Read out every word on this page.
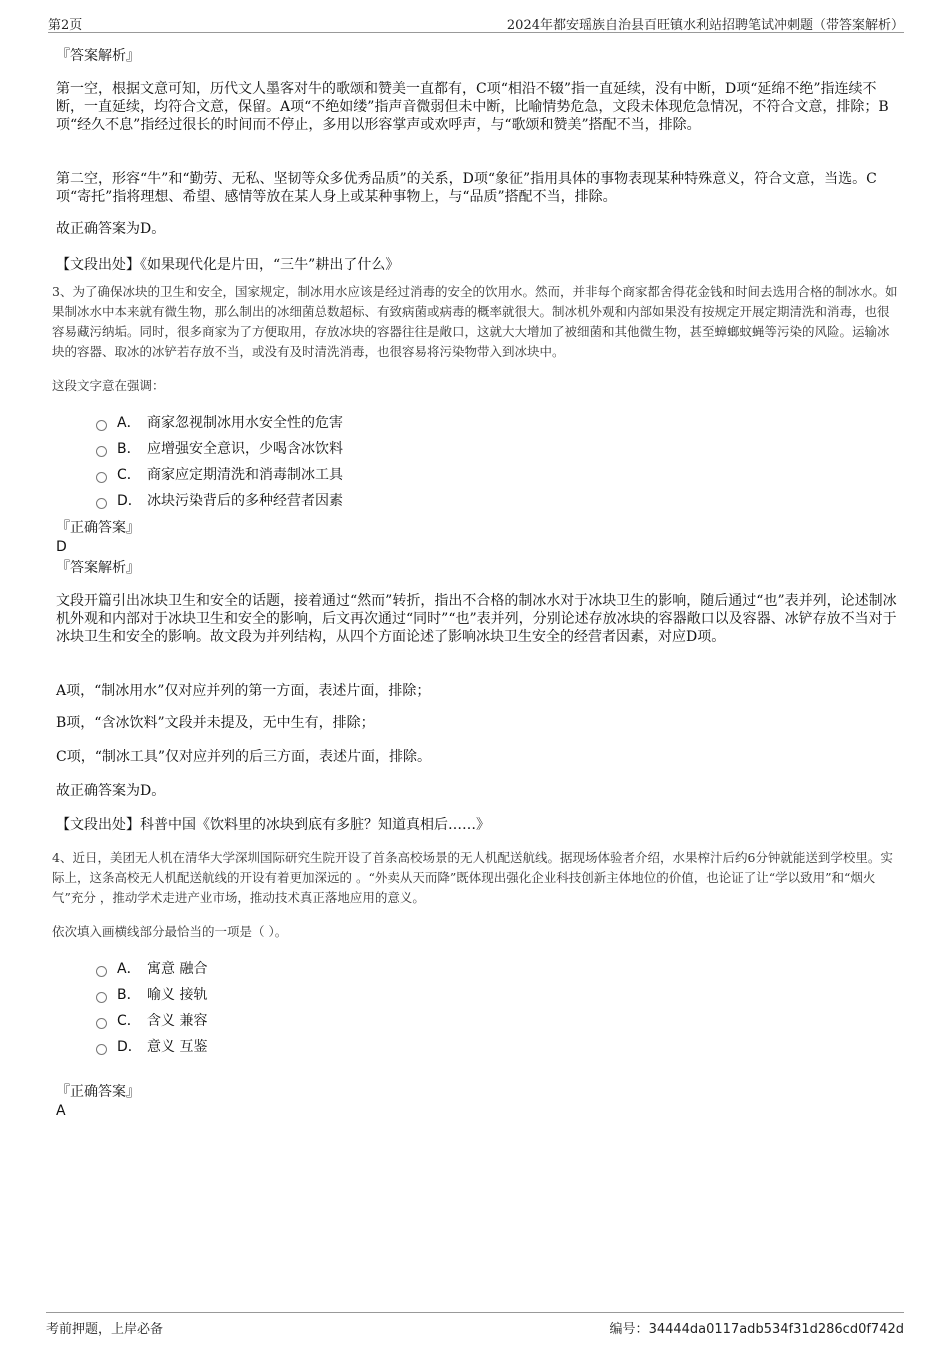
第2页	2024年都安瑶族自治县百旺镇水利站招聘笔试冲刺题（带答案解析）
『答案解析』

第一空，根据文意可知，历代文人墨客对牛的歌颂和赞美一直都有，C项“相沿不辍”指一直延续，没有中断，D项“延绵不绝”指连续不断，一直延续，均符合文意，保留。A项“不绝如缕”指声音微弱但未中断，比喻情势危急，文段未体现危急情况，不符合文意，排除；B项“经久不息”指经过很长的时间而不停止，多用以形容掌声或欢呼声，与“歌颂和赞美”搭配不当，排除。

第二空，形容“牛”和“勤劳、无私、坚韧等众多优秀品质”的关系，D项“象征”指用具体的事物表现某种特殊意义，符合文意，当选。C项“寄托”指将理想、希望、感情等放在某人身上或某种事物上，与“品质”搭配不当，排除。

故正确答案为D。

【文段出处】《如果现代化是片田，“三牛”耕出了什么》

3、为了确保冰块的卫生和安全，国家规定，制冰用水应该是经过消毒的安全的饮用水。然而，并非每个商家都舍得花金钱和时间去选用合格的制冰水。如果制冰水中本来就有微生物，那么制出的冰细菌总数超标、有致病菌或病毒的概率就很大。制冰机外观和内部如果没有按规定开展定期清洗和消毒，也很容易藏污纳垢。同时，很多商家为了方便取用，存放冰块的容器往往是敞口，这就大大增加了被细菌和其他微生物，甚至蟑螂蚊蝇等污染的风险。运输冰块的容器、取冰的冰铲若存放不当，或没有及时清洗消毒，也很容易将污染物带入到冰块中。

这段文字意在强调：

A． 商家忽视制冰用水安全性的危害
B． 应增强安全意识，少喝含冰饮料
C． 商家应定期清洗和消毒制冰工具
D． 冰块污染背后的多种经营者因素
『正确答案』
D
『答案解析』

文段开篇引出冰块卫生和安全的话题，接着通过“然而”转折，指出不合格的制冰水对于冰块卫生的影响，随后通过“也”表并列，论述制冰机外观和内部对于冰块卫生和安全的影响，后文再次通过“同时”“也”表并列，分别论述存放冰块的容器敞口以及容器、冰铲存放不当对于冰块卫生和安全的影响。故文段为并列结构，从四个方面论述了影响冰块卫生安全的经营者因素，对应D项。

A项，“制冰用水”仅对应并列的第一方面，表述片面，排除；

B项，“含冰饮料”文段并未提及，无中生有，排除；

C项，“制冰工具”仅对应并列的后三方面，表述片面，排除。

故正确答案为D。

【文段出处】科普中国《饮料里的冰块到底有多脏？知道真相后……》

4、近日，美团无人机在清华大学深圳国际研究生院开设了首条高校场景的无人机配送航线。据现场体验者介绍，水果榨汁后约6分钟就能送到学校里。实际上，这条高校无人机配送航线的开设有着更加深远的 。“外卖从天而降”既体现出强化企业科技创新主体地位的价值，也论证了让“学以致用”和“烟火气”充分 ，推动学术走进产业市场，推动技术真正落地应用的意义。

依次填入画横线部分最恰当的一项是（ ）。

A． 寓意 融合
B． 喻义 接轨
C． 含义 兼容
D． 意义 互鉴
『正确答案』
A
考前押题，上岸必备	编号：34444da0117adb534f31d286cd0f742d
